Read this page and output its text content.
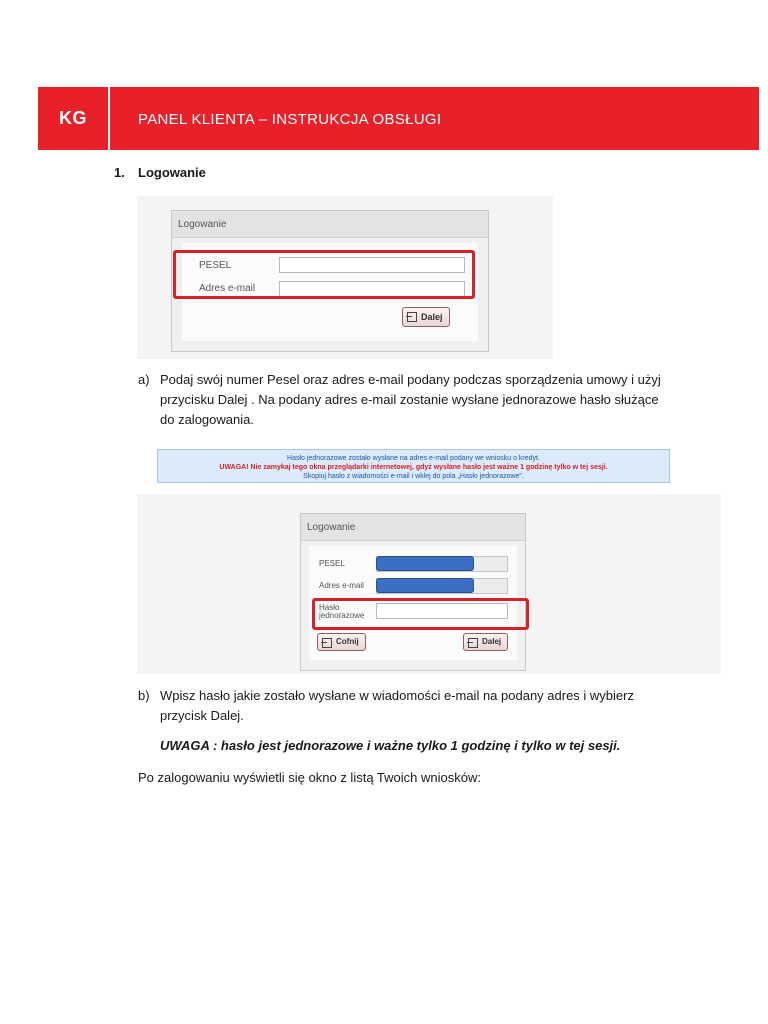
KG	PANEL KLIENTA – INSTRUKCJA OBSŁUGI
1. Logowanie
Logowanie
PESEL
Adres e-mail
Dalej
a) Podaj swój numer Pesel oraz adres e-mail podany podczas sporządzenia umowy i użyj
przycisku Dalej . Na podany adres e-mail zostanie wysłane jednorazowe hasło służące
do zalogowania.
Hasło jednorazowe zostało wysłane na adres e-mail podany we wniosku o kredyt.
UWAGA! Nie zamykaj tego okna przeglądarki internetowej, gdyż wysłane hasło jest ważne 1 godzinę tylko w tej sesji.
Skopiuj hasło z wiadomości e-mail i wklej do pola „Hasło jednorazowe".
Logowanie
PESEL
Adres e-mail
Hasło
jednorazowe
Cofnij	Dalej
b) Wpisz hasło jakie zostało wysłane w wiadomości e-mail na podany adres i wybierz
przycisk Dalej.
UWAGA : hasło jest jednorazowe i ważne tylko 1 godzinę i tylko w tej sesji.
Po zalogowaniu wyświetli się okno z listą Twoich wniosków:
